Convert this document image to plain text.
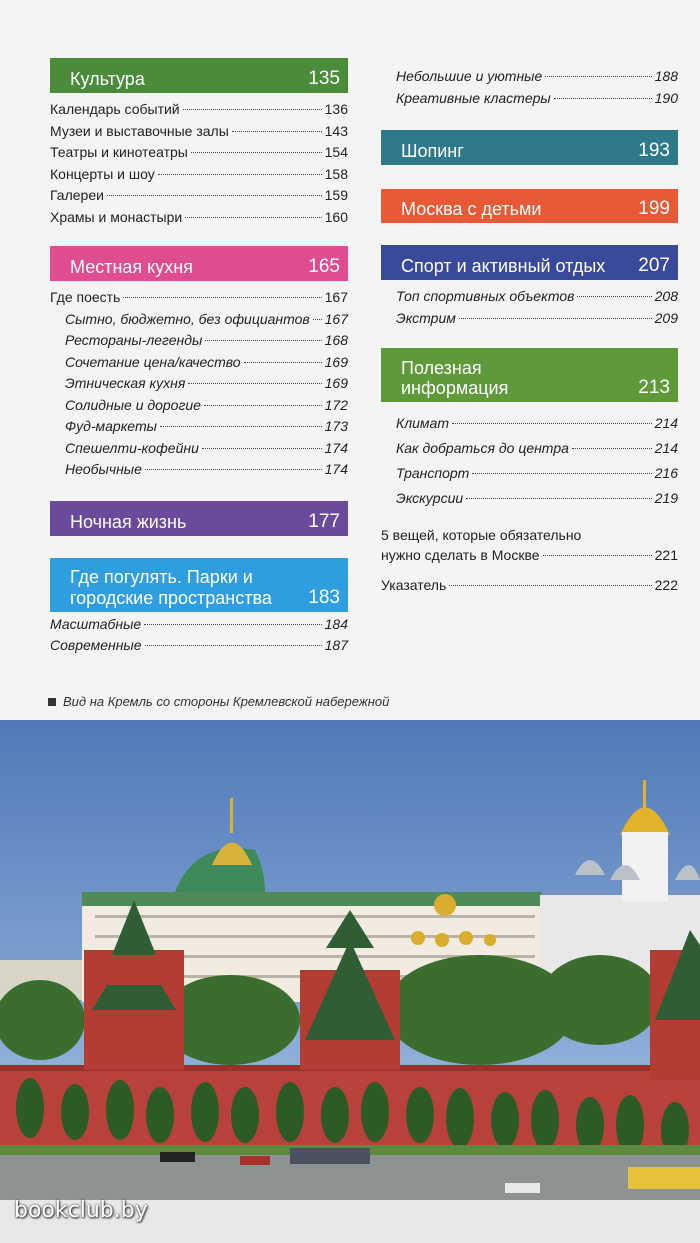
Культура	135
Календарь событий	136
Музеи и выставочные залы	143
Театры и кинотеатры	154
Концерты и шоу	158
Галереи	159
Храмы и монастыри	160
Местная кухня	165
Где поесть	167
Сытно, бюджетно, без официантов 167
Рестораны-легенды	168
Сочетание цена/качество	169
Этническая кухня	169
Солидные и дорогие	172
Фуд-маркеты	173
Спешелти-кофейни	174
Необычные	174
Ночная жизнь	177
Где погулять. Парки и
городские пространства 183
Масштабные	184
Современные	187
Небольшие и уютные	188
Креативные кластеры	190
Шопинг	193
Москва с детьми	199
Спорт и активный отдых 207
Топ спортивных объектов	208
Экстрим	209
Полезная
информация	213
Климат	214
Как добраться до центра	214
Транспорт	216
Экскурсии	219
5 вещей, которые обязательно
нужно сделать в Москве	221
Указатель	222
Вид на Кремль со стороны Кремлевской набережной
bookclub.by
